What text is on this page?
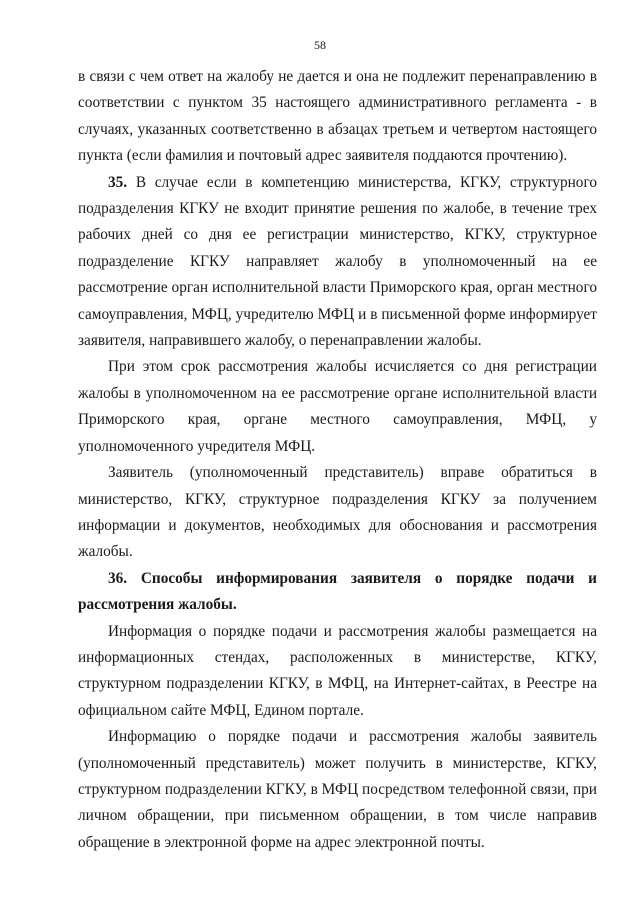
58

в связи с чем ответ на жалобу не дается и она не подлежит перенаправлению в соответствии с пунктом 35 настоящего административного регламента - в случаях, указанных соответственно в абзацах третьем и четвертом настоящего пункта (если фамилия и почтовый адрес заявителя поддаются прочтению).

35. В случае если в компетенцию министерства, КГКУ, структурного подразделения КГКУ не входит принятие решения по жалобе, в течение трех рабочих дней со дня ее регистрации министерство, КГКУ, структурное подразделение КГКУ направляет жалобу в уполномоченный на ее рассмотрение орган исполнительной власти Приморского края, орган местного самоуправления, МФЦ, учредителю МФЦ и в письменной форме информирует заявителя, направившего жалобу, о перенаправлении жалобы.

При этом срок рассмотрения жалобы исчисляется со дня регистрации жалобы в уполномоченном на ее рассмотрение органе исполнительной власти Приморского края, органе местного самоуправления, МФЦ, у уполномоченного учредителя МФЦ.

Заявитель (уполномоченный представитель) вправе обратиться в министерство, КГКУ, структурное подразделения КГКУ за получением информации и документов, необходимых для обоснования и рассмотрения жалобы.

36. Способы информирования заявителя о порядке подачи и рассмотрения жалобы.

Информация о порядке подачи и рассмотрения жалобы размещается на информационных стендах, расположенных в министерстве, КГКУ, структурном подразделении КГКУ, в МФЦ, на Интернет-сайтах, в Реестре на официальном сайте МФЦ, Едином портале.

Информацию о порядке подачи и рассмотрения жалобы заявитель (уполномоченный представитель) может получить в министерстве, КГКУ, структурном подразделении КГКУ, в МФЦ посредством телефонной связи, при личном обращении, при письменном обращении, в том числе направив обращение в электронной форме на адрес электронной почты.
